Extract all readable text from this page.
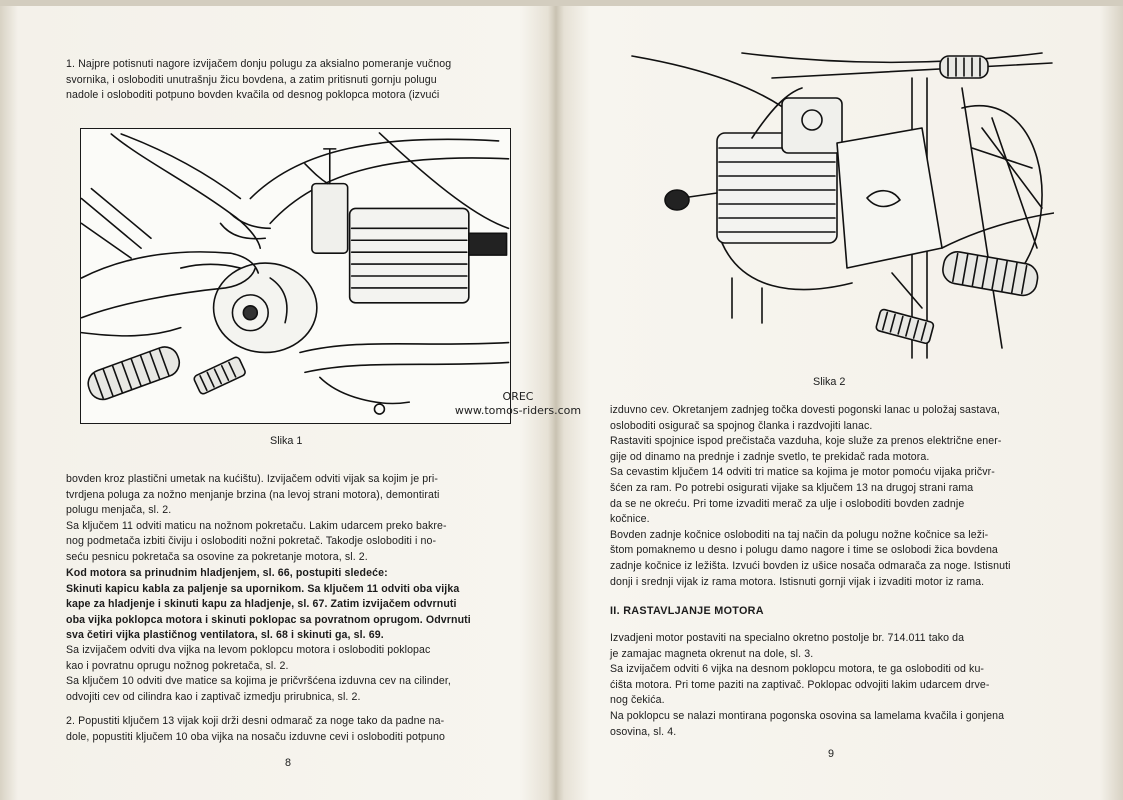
1. Najpre potisnuti nagore izvijačem donju polugu za aksialno pomeranje vučnog
svornika, i osloboditi unutrašnju žicu bovdena, a zatim pritisnuti gornju polugu
nadole i osloboditi potpuno bovden kvačila od desnog poklopca motora (izvući

Slika 1

bovden kroz plastični umetak na kućištu). Izvijačem odviti vijak sa kojim je pri-
tvrdjena poluga za nožno menjanje brzina (na levoj strani motora), demontirati
polugu menjača, sl. 2.
Sa ključem 11 odviti maticu na nožnom pokretaču. Lakim udarcem preko bakre-
nog podmetača izbiti čiviju i osloboditi nožni pokretač. Takodje osloboditi i no-
seću pesnicu pokretača sa osovine za pokretanje motora, sl. 2.

Kod motora sa prinudnim hladjenjem, sl. 66, postupiti sledeće:
Skinuti kapicu kabla za paljenje sa upornikom. Sa ključem 11 odviti oba vijka
kape za hladjenje i skinuti kapu za hladjenje, sl. 67. Zatim izvijačem odvrnuti
oba vijka poklopca motora i skinuti poklopac sa povratnom oprugom. Odvrnuti
sva četiri vijka plastičnog ventilatora, sl. 68 i skinuti ga, sl. 69.

Sa izvijačem odviti dva vijka na levom poklopcu motora i osloboditi poklopac
kao i povratnu oprugu nožnog pokretača, sl. 2.
Sa ključem 10 odviti dve matice sa kojima je pričvršćena izduvna cev na cilinder,
odvojiti cev od cilindra kao i zaptivač izmedju prirubnica, sl. 2.

2. Popustiti ključem 13 vijak koji drži desni odmarač za noge tako da padne na-
dole, popustiti ključem 10 oba vijka na nosaču izduvne cevi i osloboditi potpuno

8
OREC
www.tomos-riders.com
Slika 2

izduvno cev. Okretanjem zadnjeg točka dovesti pogonski lanac u položaj sastava,
osloboditi osigurač sa spojnog članka i razdvojiti lanac.
Rastaviti spojnice ispod prečistača vazduha, koje služe za prenos električne ener-
gije od dinamo na prednje i zadnje svetlo, te prekidač rada motora.
Sa cevastim ključem 14 odviti tri matice sa kojima je motor pomoću vijaka pričvr-
šćen za ram. Po potrebi osigurati vijake sa ključem 13 na drugoj strani rama
da se ne okreću. Pri tome izvaditi merač za ulje i osloboditi bovden zadnje
kočnice.
Bovden zadnje kočnice osloboditi na taj način da polugu nožne kočnice sa leži-
štom pomaknemo u desno i polugu damo nagore i time se oslobodi žica bovdena
zadnje kočnice iz ležišta. Izvući bovden iz ušice nosača odmarača za noge. Istisnuti
donji i srednji vijak iz rama motora. Istisnuti gornji vijak i izvaditi motor iz rama.

II. RASTAVLJANJE MOTORA

Izvadjeni motor postaviti na specialno okretno postolje br. 714.011 tako da
je zamajac magneta okrenut na dole, sl. 3.
Sa izvijačem odviti 6 vijka na desnom poklopcu motora, te ga osloboditi od ku-
ćišta motora. Pri tome paziti na zaptivač. Poklopac odvojiti lakim udarcem drve-
nog čekića.
Na poklopcu se nalazi montirana pogonska osovina sa lamelama kvačila i gonjena
osovina, sl. 4.

9
